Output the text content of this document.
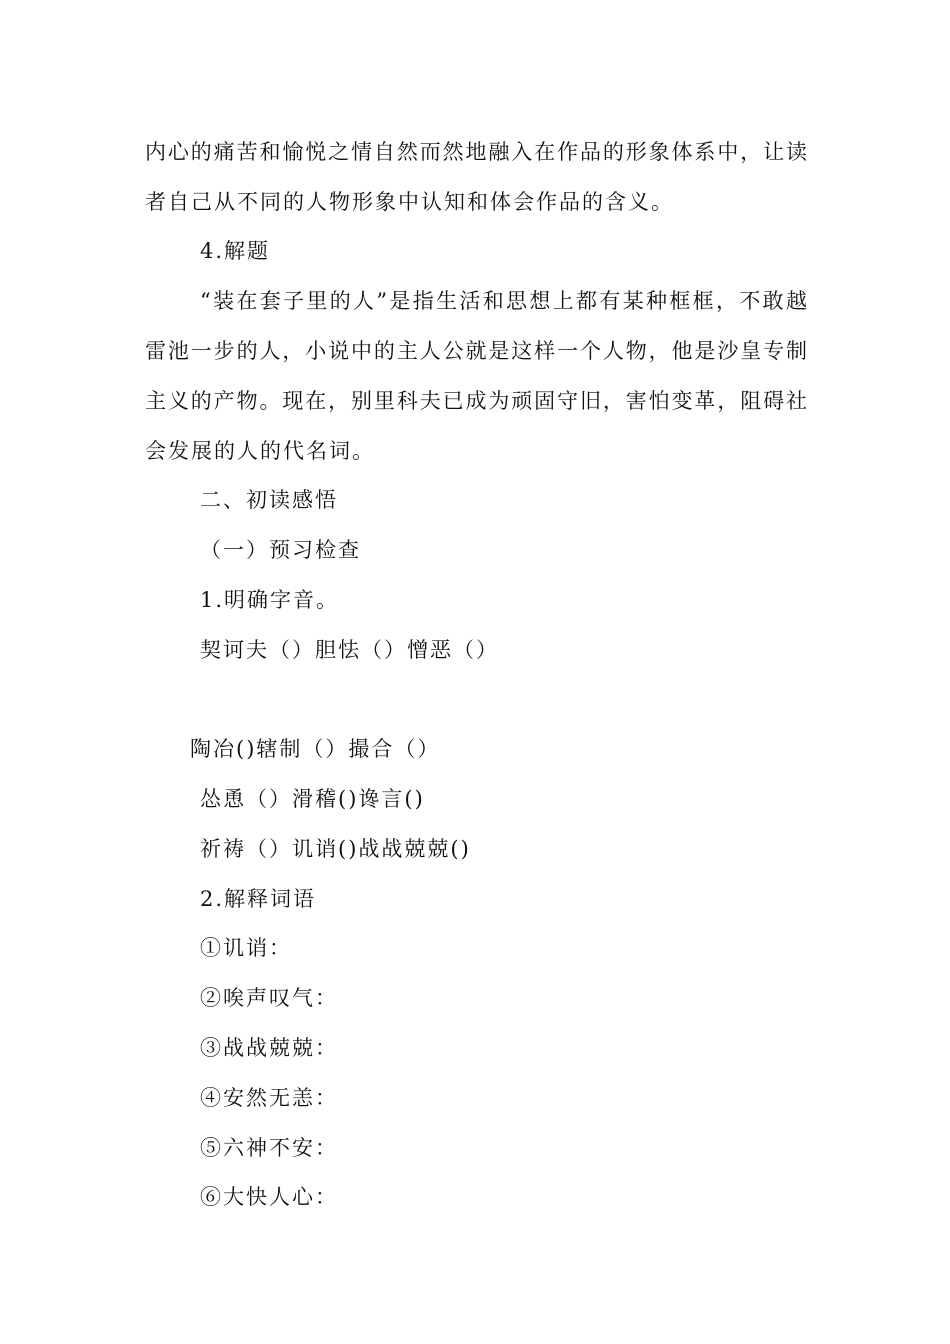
内心的痛苦和愉悦之情自然而然地融入在作品的形象体系中，让读
者自己从不同的人物形象中认知和体会作品的含义。
4.解题
“装在套子里的人”是指生活和思想上都有某种框框，不敢越
雷池一步的人，小说中的主人公就是这样一个人物，他是沙皇专制
主义的产物。现在，别里科夫已成为顽固守旧，害怕变革，阻碍社
会发展的人的代名词。
二、初读感悟
（一）预习检查
1.明确字音。
契诃夫（）胆怯（）憎恶（）
陶冶()辖制（）撮合（）
怂恿（）滑稽()谗言()
祈祷（）讥诮()战战兢兢()
2.解释词语
①讥诮：
②唉声叹气：
③战战兢兢：
④安然无恙：
⑤六神不安：
⑥大快人心：
